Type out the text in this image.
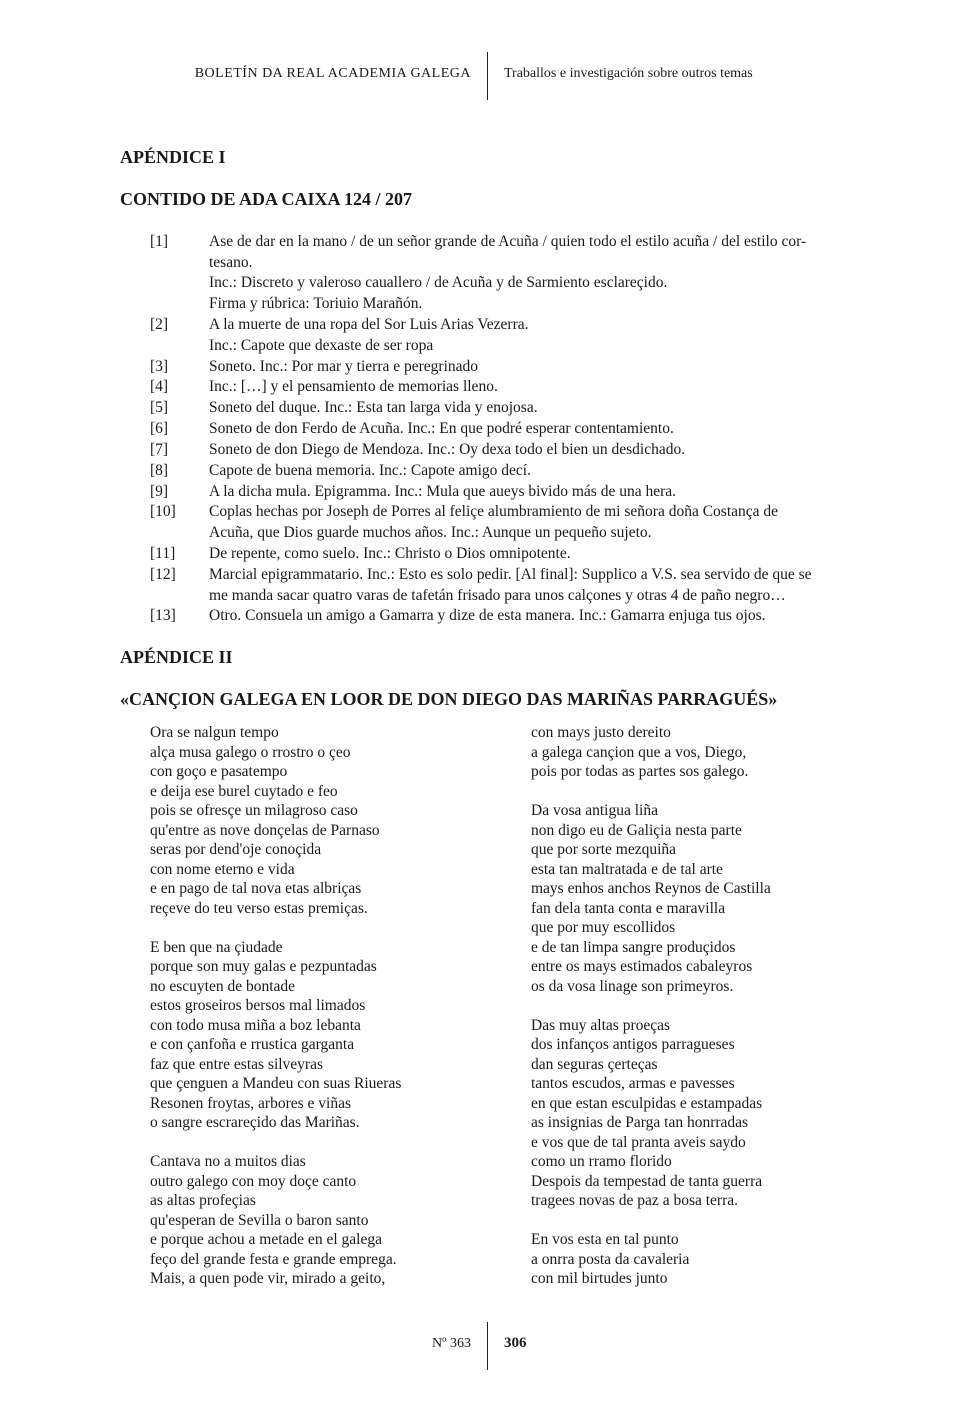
BOLETÍN DA REAL ACADEMIA GALEGA Traballos e investigación sobre outros temas
APÉNDICE I
CONTIDO DE ADA CAIXA 124 / 207
[1]	Ase de dar en la mano / de un señor grande de Acuña / quien todo el estilo acuña / del estilo cor-
tesano.
Inc.: Discreto y valeroso cauallero / de Acuña y de Sarmiento esclareçido.
Firma y rúbrica: Toriuio Marañón.
[2]	A la muerte de una ropa del Sor Luis Arias Vezerra.
Inc.: Capote que dexaste de ser ropa
[3]	Soneto. Inc.: Por mar y tierra e peregrinado
[4]	Inc.: […] y el pensamiento de memorias lleno.
[5]	Soneto del duque. Inc.: Esta tan larga vida y enojosa.
[6]	Soneto de don Ferdo de Acuña. Inc.: En que podré esperar contentamiento.
[7]	Soneto de don Diego de Mendoza. Inc.: Oy dexa todo el bien un desdichado.
[8]	Capote de buena memoria. Inc.: Capote amigo decí.
[9]	A la dicha mula. Epigramma. Inc.: Mula que aueys bivido más de una hera.
[10] Coplas hechas por Joseph de Porres al feliçe alumbramiento de mi señora doña Costança de
Acuña, que Dios guarde muchos años. Inc.: Aunque un pequeño sujeto.
[11] De repente, como suelo. Inc.: Christo o Dios omnipotente.
[12] Marcial epigrammatario. Inc.: Esto es solo pedir. [Al final]: Supplico a V.S. sea servido de que se
me manda sacar quatro varas de tafetán frisado para unos calçones y otras 4 de paño negro…
[13] Otro. Consuela un amigo a Gamarra y dize de esta manera. Inc.: Gamarra enjuga tus ojos.
APÉNDICE II
«CANÇION GALEGA EN LOOR DE DON DIEGO DAS MARIÑAS PARRAGUÉS»
Ora se nalgun tempo
alça musa galego o rrostro o çeo
con goço e pasatempo
e deija ese burel cuytado e feo
pois se ofresçe un milagroso caso
qu'entre as nove donçelas de Parnaso
seras por dend'oje conoçida
con nome eterno e vida
e en pago de tal nova etas albriças
reçeve do teu verso estas premiças.

E ben que na çiudade
porque son muy galas e pezpuntadas
no escuyten de bontade
estos groseiros bersos mal limados
con todo musa miña a boz lebanta
e con çanfoña e rrustica garganta
faz que entre estas silveyras
que çenguen a Mandeu con suas Riueras
Resonen froytas, arbores e viñas
o sangre escrareçido das Mariñas.

Cantava no a muitos dias
outro galego con moy doçe canto
as altas profeçias
qu'esperan de Sevilla o baron santo
e porque achou a metade en el galega
feço del grande festa e grande emprega.
Mais, a quen pode vir, mirado a geito,
con mays justo dereito
a galega cançion que a vos, Diego,
pois por todas as partes sos galego.

Da vosa antigua liña
non digo eu de Galiçia nesta parte
que por sorte mezquiña
esta tan maltratada e de tal arte
mays enhos anchos Reynos de Castilla
fan dela tanta conta e maravilla
que por muy escollidos
e de tan limpa sangre produçidos
entre os mays estimados cabaleyros
os da vosa linage son primeyros.

Das muy altas proeças
dos infanços antigos parragueses
dan seguras çerteças
tantos escudos, armas e pavesses
en que estan esculpidas e estampadas
as insignias de Parga tan honrradas
e vos que de tal pranta aveis saydo
como un rramo florido
Despois da tempestad de tanta guerra
tragees novas de paz a bosa terra.

En vos esta en tal punto
a onrra posta da cavaleria
con mil birtudes junto
Nº 363 306
